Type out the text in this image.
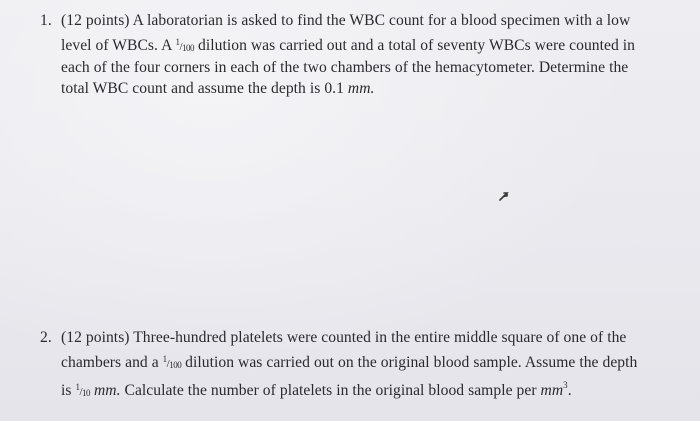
1. (12 points) A laboratorian is asked to find the WBC count for a blood specimen with a low
level of WBCs. A $^1/_{100}$ dilution was carried out and a total of seventy WBCs were counted in
each of the four corners in each of the two chambers of the hemacytometer. Determine the
total WBC count and assume the depth is 0.1 mm.
2. (12 points) Three-hundred platelets were counted in the entire middle square of one of the
chambers and a $^1/_{100}$ dilution was carried out on the original blood sample. Assume the depth
is $^1/_{10}$ mm. Calculate the number of platelets in the original blood sample per $mm^3$.
